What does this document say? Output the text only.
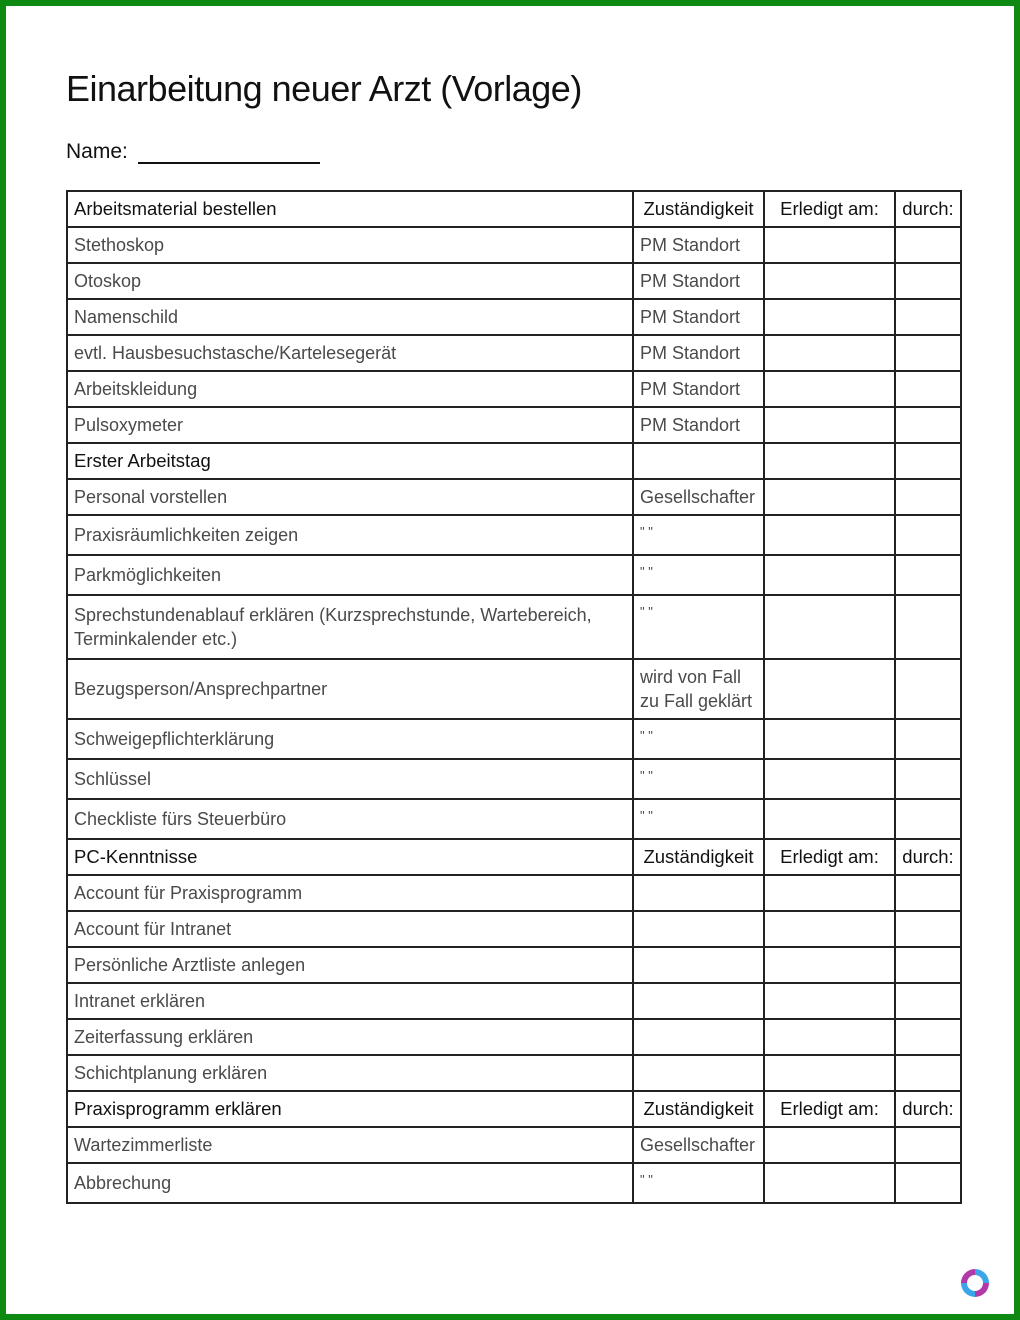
Einarbeitung neuer Arzt (Vorlage)
Name:
Arbeitsmaterial bestellen	Zuständigkeit	Erledigt am:	durch:
Stethoskop	PM Standort		
Otoskop	PM Standort		
Namenschild	PM Standort		
evtl. Hausbesuchstasche/Kartelesegerät	PM Standort		
Arbeitskleidung	PM Standort		
Pulsoxymeter	PM Standort		
Erster Arbeitstag			
Personal vorstellen	Gesellschafter		
Praxisräumlichkeiten zeigen	" "		
Parkmöglichkeiten	" "		
Sprechstundenablauf erklären (Kurzsprechstunde, Wartebereich, Terminkalender etc.)	" "		
Bezugsperson/Ansprechpartner	wird von Fall zu Fall geklärt		
Schweigepflichterklärung	" "		
Schlüssel	" "		
Checkliste fürs Steuerbüro	" "		
PC-Kenntnisse	Zuständigkeit	Erledigt am:	durch:
Account für Praxisprogramm			
Account für Intranet			
Persönliche Arztliste anlegen			
Intranet erklären			
Zeiterfassung erklären			
Schichtplanung erklären			
Praxisprogramm erklären	Zuständigkeit	Erledigt am:	durch:
Wartezimmerliste	Gesellschafter		
Abbrechung	" "		
